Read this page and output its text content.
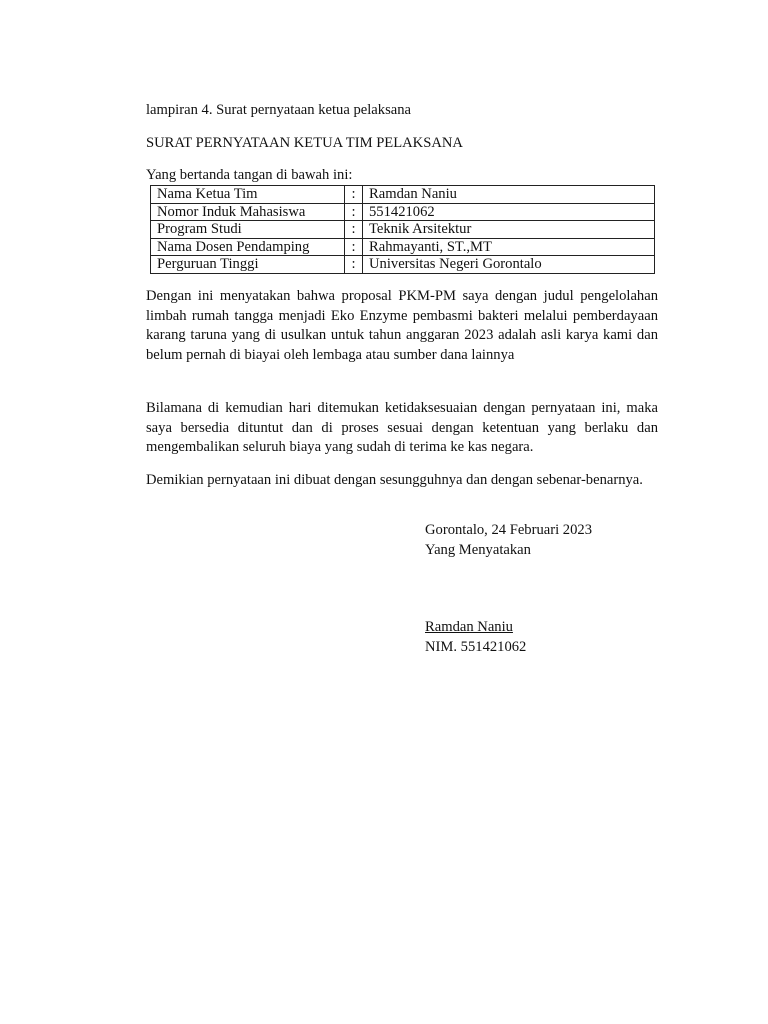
lampiran 4. Surat pernyataan ketua pelaksana
SURAT PERNYATAAN KETUA TIM PELAKSANA
Yang bertanda tangan di bawah ini:
Nama Ketua Tim	:	Ramdan Naniu
Nomor Induk Mahasiswa	:	551421062
Program Studi	:	Teknik Arsitektur
Nama Dosen Pendamping	:	Rahmayanti, ST.,MT
Perguruan Tinggi	:	Universitas Negeri Gorontalo

Dengan ini menyatakan bahwa proposal PKM-PM saya dengan judul pengelolahan limbah rumah tangga menjadi Eko Enzyme pembasmi bakteri melalui pemberdayaan karang taruna yang di usulkan untuk tahun anggaran 2023 adalah asli karya kami dan belum pernah di biayai oleh lembaga atau sumber dana lainnya

Bilamana di kemudian hari ditemukan ketidaksesuaian dengan pernyataan ini, maka saya bersedia dituntut dan di proses sesuai dengan ketentuan yang berlaku dan mengembalikan seluruh biaya yang sudah di terima ke kas negara.

Demikian pernyataan ini dibuat dengan sesungguhnya dan dengan sebenar-benarnya.

Gorontalo, 24 Februari 2023
Yang Menyatakan
Ramdan Naniu
NIM. 551421062
